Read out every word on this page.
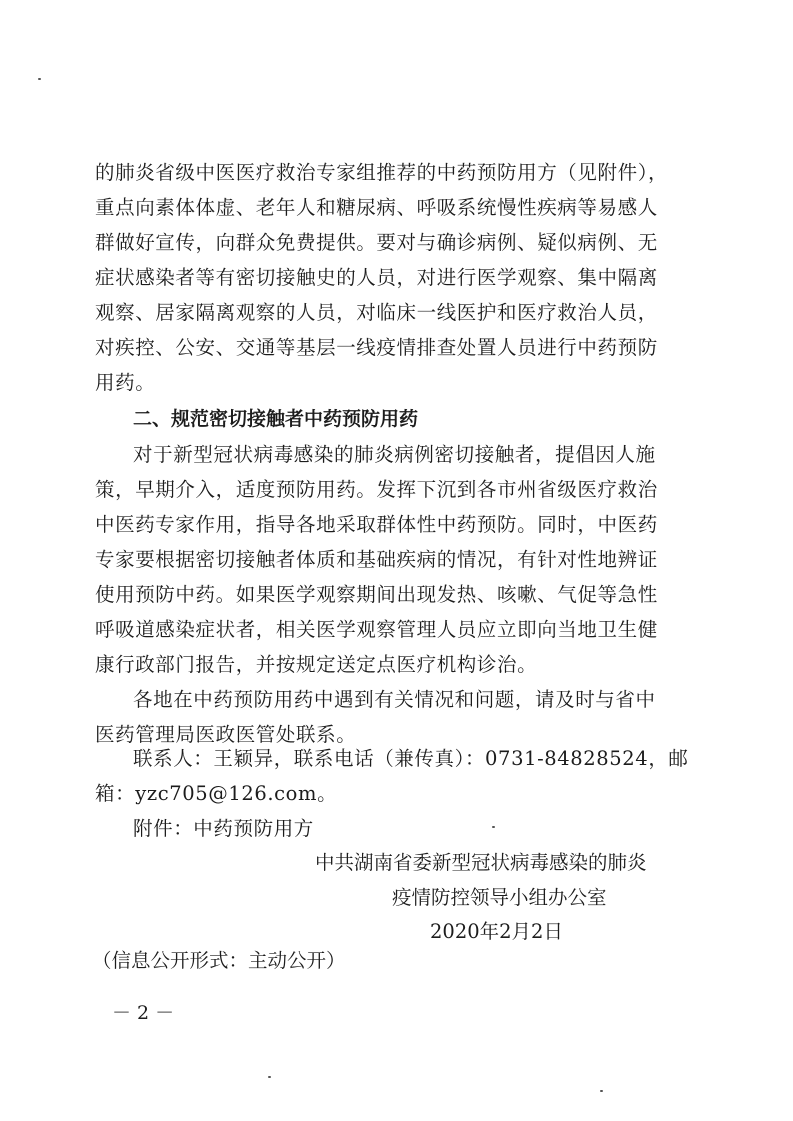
的肺炎省级中医医疗救治专家组推荐的中药预防用方（见附件），
重点向素体体虚、老年人和糖尿病、呼吸系统慢性疾病等易感人
群做好宣传，向群众免费提供。要对与确诊病例、疑似病例、无
症状感染者等有密切接触史的人员，对进行医学观察、集中隔离
观察、居家隔离观察的人员，对临床一线医护和医疗救治人员，
对疾控、公安、交通等基层一线疫情排查处置人员进行中药预防
用药。
二、规范密切接触者中药预防用药
对于新型冠状病毒感染的肺炎病例密切接触者，提倡因人施
策，早期介入，适度预防用药。发挥下沉到各市州省级医疗救治
中医药专家作用，指导各地采取群体性中药预防。同时，中医药
专家要根据密切接触者体质和基础疾病的情况，有针对性地辨证
使用预防中药。如果医学观察期间出现发热、咳嗽、气促等急性
呼吸道感染症状者，相关医学观察管理人员应立即向当地卫生健
康行政部门报告，并按规定送定点医疗机构诊治。
各地在中药预防用药中遇到有关情况和问题，请及时与省中
医药管理局医政医管处联系。
联系人：王颖异，联系电话（兼传真）：0731-84828524，邮
箱：yzc705@126.com。
附件：中药预防用方
中共湖南省委新型冠状病毒感染的肺炎
疫情防控领导小组办公室
2020年2月2日
（信息公开形式：主动公开）
－ 2 －
